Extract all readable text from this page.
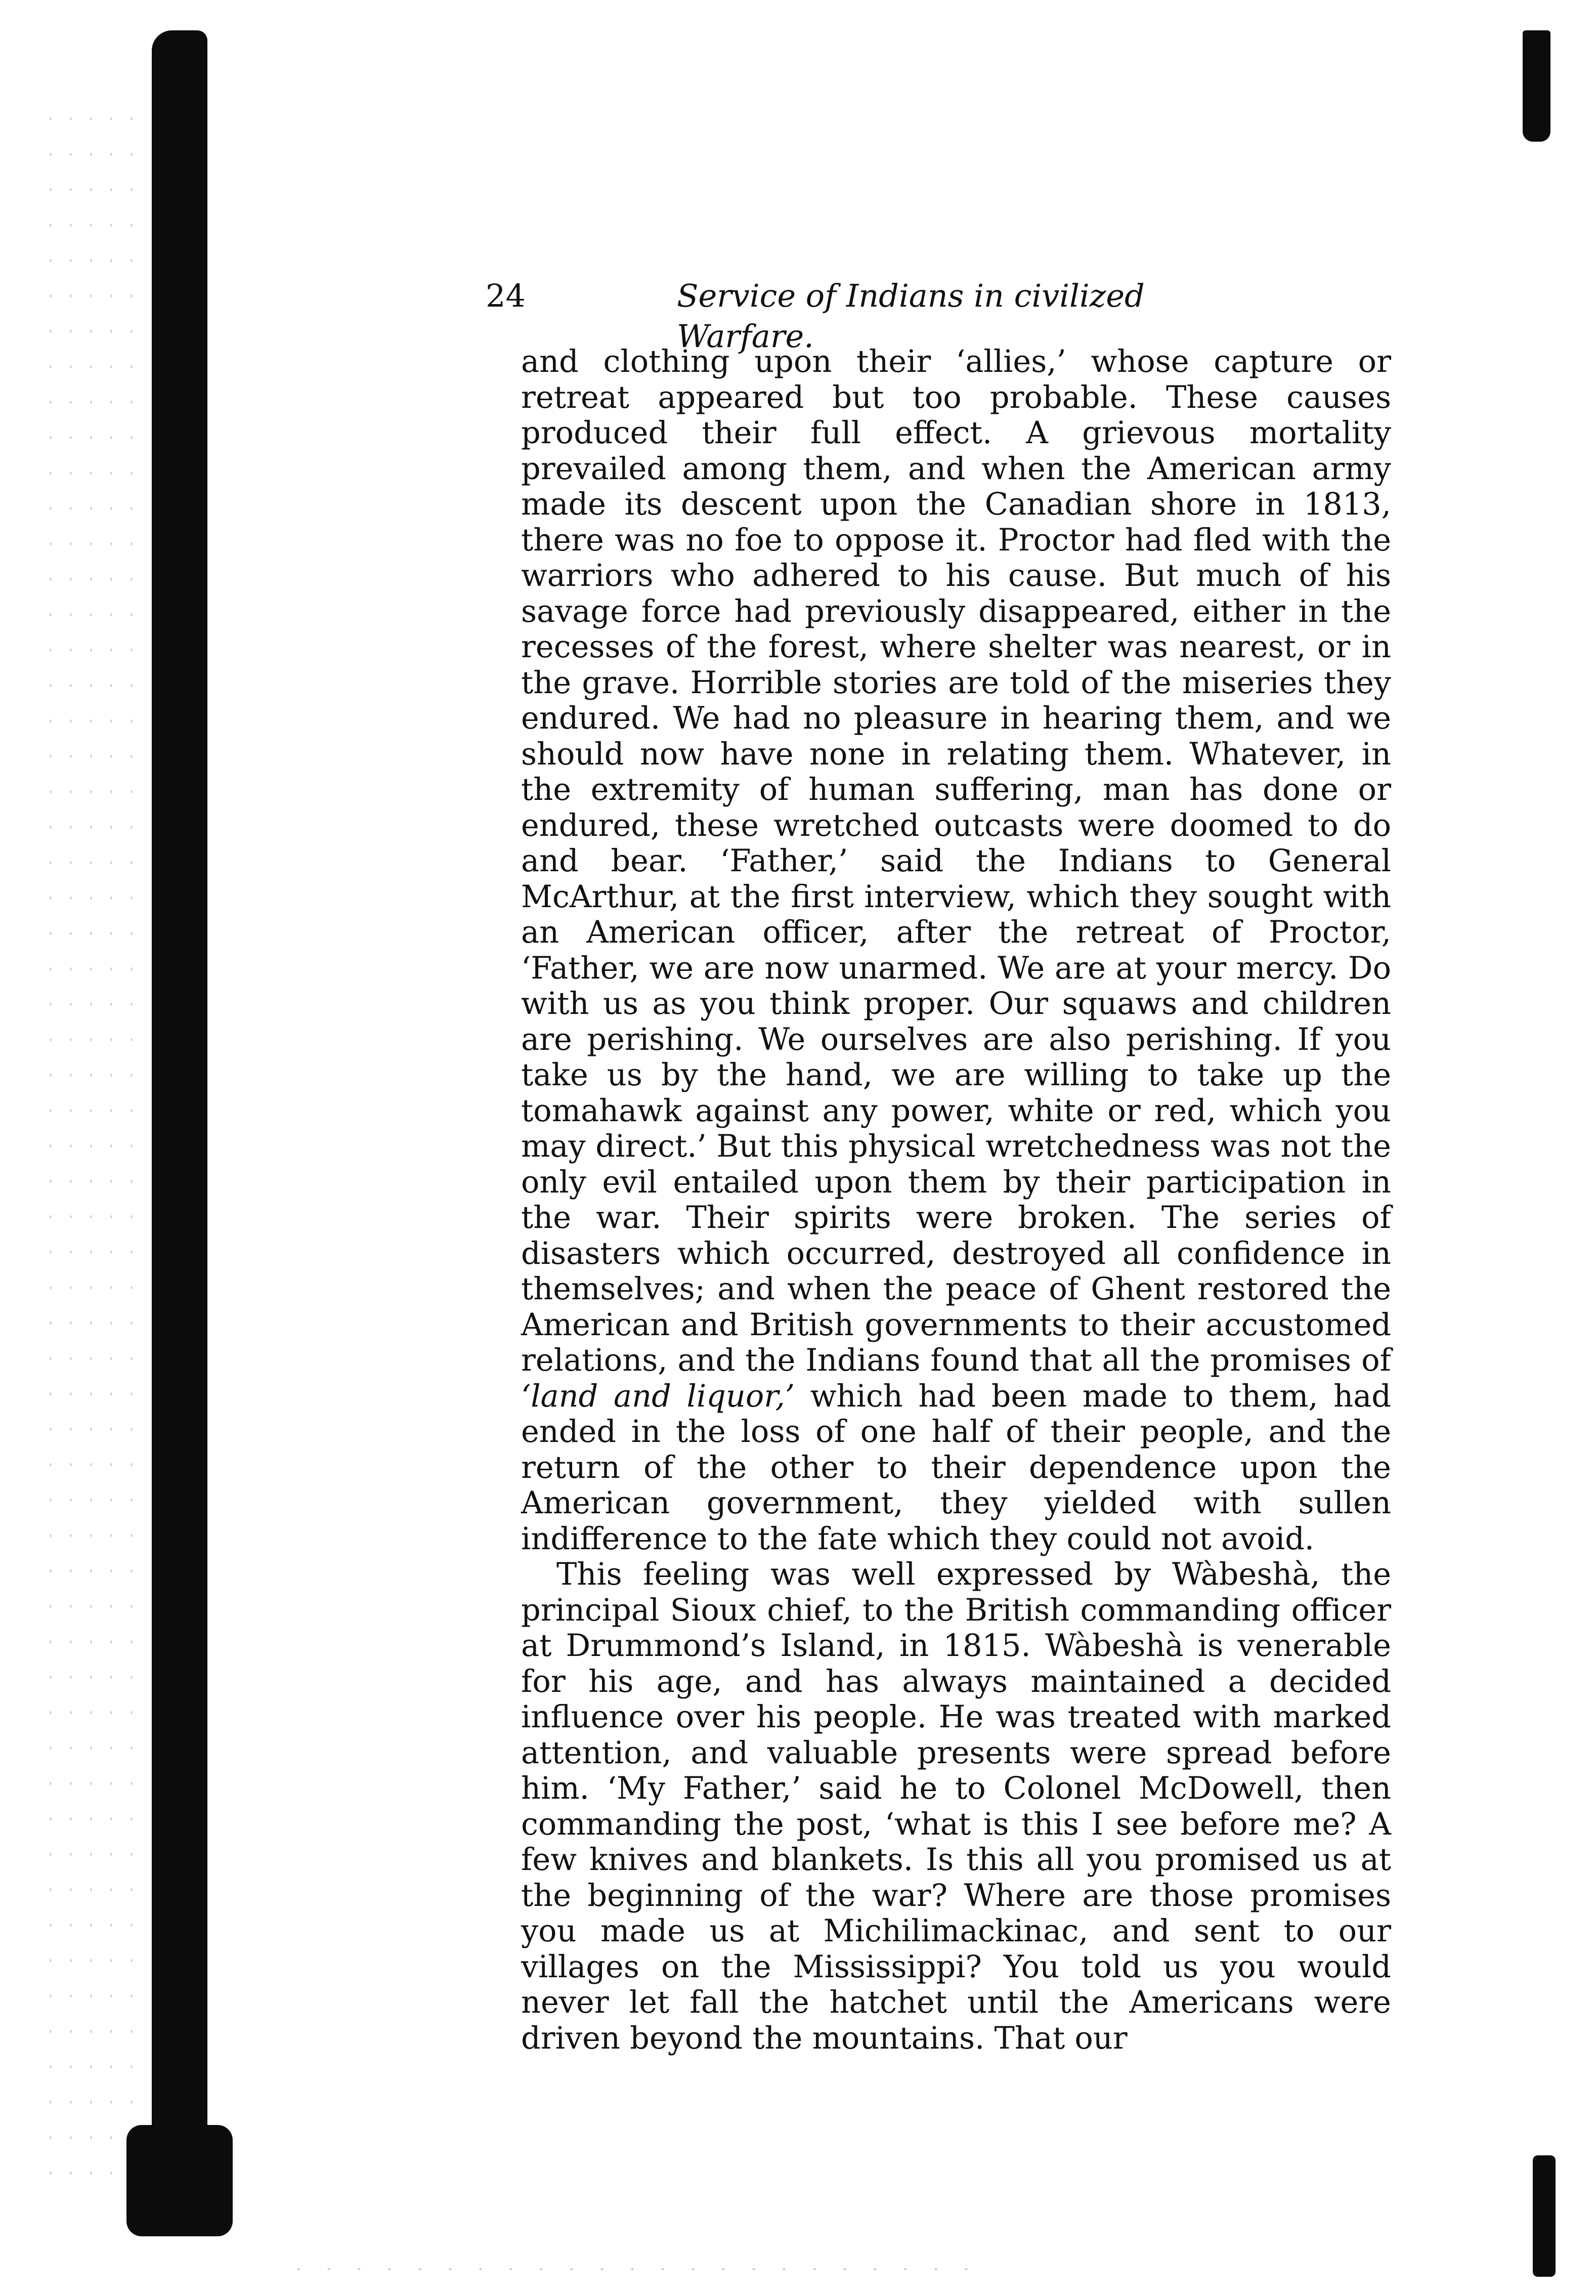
24	Service of Indians in civilized Warfare.

and clothing upon their ‘allies,’ whose capture or retreat appeared but too probable. These causes produced their full effect. A grievous mortality prevailed among them, and when the American army made its descent upon the Canadian shore in 1813, there was no foe to oppose it. Proctor had fled with the warriors who adhered to his cause. But much of his savage force had previously disappeared, either in the recesses of the forest, where shelter was nearest, or in the grave. Horrible stories are told of the miseries they endured. We had no pleasure in hearing them, and we should now have none in relating them. Whatever, in the extremity of human suffering, man has done or endured, these wretched outcasts were doomed to do and bear. ‘Father,’ said the Indians to General McArthur, at the first interview, which they sought with an American officer, after the retreat of Proctor, ‘Father, we are now unarmed. We are at your mercy. Do with us as you think proper. Our squaws and children are perishing. We ourselves are also perishing. If you take us by the hand, we are willing to take up the tomahawk against any power, white or red, which you may direct.’ But this physical wretchedness was not the only evil entailed upon them by their participation in the war. Their spirits were broken. The series of disasters which occurred, destroyed all confidence in themselves; and when the peace of Ghent restored the American and British governments to their accustomed relations, and the Indians found that all the promises of ‘land and liquor,’ which had been made to them, had ended in the loss of one half of their people, and the return of the other to their dependence upon the American government, they yielded with sullen indifference to the fate which they could not avoid.

This feeling was well expressed by Wàbeshà, the principal Sioux chief, to the British commanding officer at Drummond’s Island, in 1815. Wàbeshà is venerable for his age, and has always maintained a decided influence over his people. He was treated with marked attention, and valuable presents were spread before him. ‘My Father,’ said he to Colonel McDowell, then commanding the post, ‘what is this I see before me? A few knives and blankets. Is this all you promised us at the beginning of the war? Where are those promises you made us at Michilimackinac, and sent to our villages on the Mississippi? You told us you would never let fall the hatchet until the Americans were driven beyond the mountains. That our
